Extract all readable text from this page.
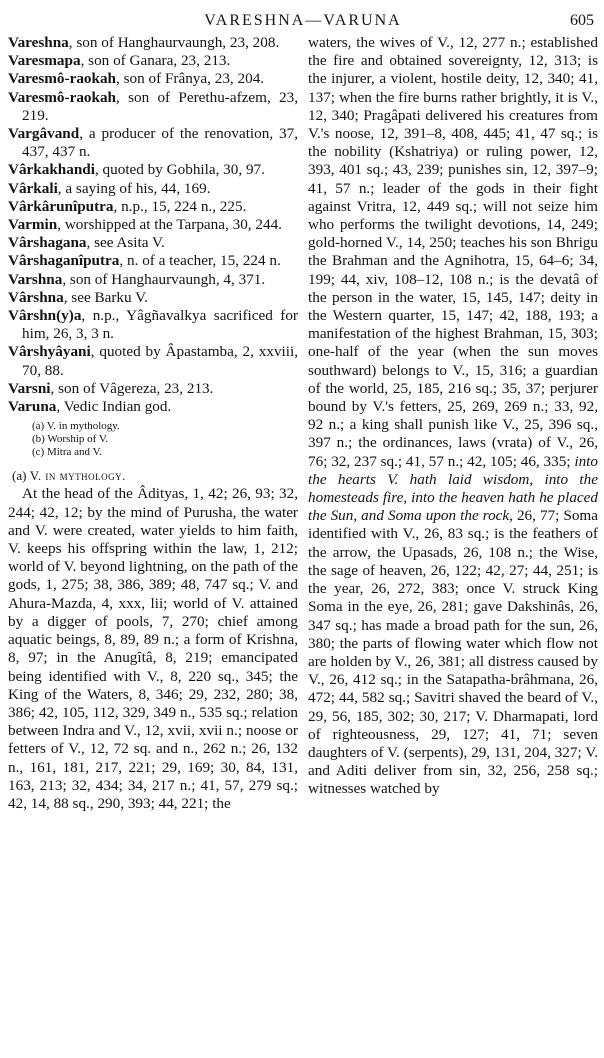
VARESHNA—VARUNA	605

Vareshna, son of Hanghaurvaungh, 23, 208.

Varesmapa, son of Ganara, 23, 213.

Varesmô-raokah, son of Frânya, 23, 204.

Varesmô-raokah, son of Perethu-afzem, 23, 219.

Vargâvand, a producer of the renovation, 37, 437, 437 n.

Vârkakhandi, quoted by Gobhila, 30, 97.

Vârkali, a saying of his, 44, 169.

Vârkârunîputra, n.p., 15, 224 n., 225.

Varmin, worshipped at the Tarpana, 30, 244.

Vârshagana, see Asita V.

Vârshaganîputra, n. of a teacher, 15, 224 n.

Varshna, son of Hanghaurvaungh, 4, 371.

Vârshna, see Barku V.

Vârshn(y)a, n.p., Yâgñavalkya sacrificed for him, 26, 3, 3 n.

Vârshyâyani, quoted by Âpastamba, 2, xxviii, 70, 88.

Varsni, son of Vâgereza, 23, 213.

Varuna, Vedic Indian god.

(a) V. in mythology.
(b) Worship of V.
(c) Mitra and V.

(a) V. in mythology.

At the head of the Âdityas, 1, 42; 26, 93; 32, 244; 42, 12; by the mind of Purusha, the water and V. were created, water yields to him faith, V. keeps his offspring within the law, 1, 212; world of V. beyond lightning, on the path of the gods, 1, 275; 38, 386, 389; 48, 747 sq.; V. and Ahura-Mazda, 4, xxx, lii; world of V. attained by a digger of pools, 7, 270; chief among aquatic beings, 8, 89, 89 n.; a form of Krishna, 8, 97; in the Anugîtâ, 8, 219; emancipated being identified with V., 8, 220 sq., 345; the King of the Waters, 8, 346; 29, 232, 280; 38, 386; 42, 105, 112, 329, 349 n., 535 sq.; relation between Indra and V., 12, xvii, xvii n.; noose or fetters of V., 12, 72 sq. and n., 262 n.; 26, 132 n., 161, 181, 217, 221; 29, 169; 30, 84, 131, 163, 213; 32, 434; 34, 217 n.; 41, 57, 279 sq.; 42, 14, 88 sq., 290, 393; 44, 221; the

waters, the wives of V., 12, 277 n.; established the fire and obtained sovereignty, 12, 313; is the injurer, a violent, hostile deity, 12, 340; 41, 137; when the fire burns rather brightly, it is V., 12, 340; Pragâpati delivered his creatures from V.'s noose, 12, 391–8, 408, 445; 41, 47 sq.; is the nobility (Kshatriya) or ruling power, 12, 393, 401 sq.; 43, 239; punishes sin, 12, 397–9; 41, 57 n.; leader of the gods in their fight against Vritra, 12, 449 sq.; will not seize him who performs the twilight devotions, 14, 249; gold-horned V., 14, 250; teaches his son Bhrigu the Brahman and the Agnihotra, 15, 64–6; 34, 199; 44, xiv, 108–12, 108 n.; is the devatâ of the person in the water, 15, 145, 147; deity in the Western quarter, 15, 147; 42, 188, 193; a manifestation of the highest Brahman, 15, 303; one-half of the year (when the sun moves southward) belongs to V., 15, 316; a guardian of the world, 25, 185, 216 sq.; 35, 37; perjurer bound by V.'s fetters, 25, 269, 269 n.; 33, 92, 92 n.; a king shall punish like V., 25, 396 sq., 397 n.; the ordinances, laws (vrata) of V., 26, 76; 32, 237 sq.; 41, 57 n.; 42, 105; 46, 335; into the hearts V. hath laid wisdom, into the homesteads fire, into the heaven hath he placed the Sun, and Soma upon the rock, 26, 77; Soma identified with V., 26, 83 sq.; is the feathers of the arrow, the Upasads, 26, 108 n.; the Wise, the sage of heaven, 26, 122; 42, 27; 44, 251; is the year, 26, 272, 383; once V. struck King Soma in the eye, 26, 281; gave Dakshinâs, 26, 347 sq.; has made a broad path for the sun, 26, 380; the parts of flowing water which flow not are holden by V., 26, 381; all distress caused by V., 26, 412 sq.; in the Satapatha-brâhmana, 26, 472; 44, 582 sq.; Savitri shaved the beard of V., 29, 56, 185, 302; 30, 217; V. Dharmapati, lord of righteousness, 29, 127; 41, 71; seven daughters of V. (serpents), 29, 131, 204, 327; V. and Aditi deliver from sin, 32, 256, 258 sq.; witnesses watched by
